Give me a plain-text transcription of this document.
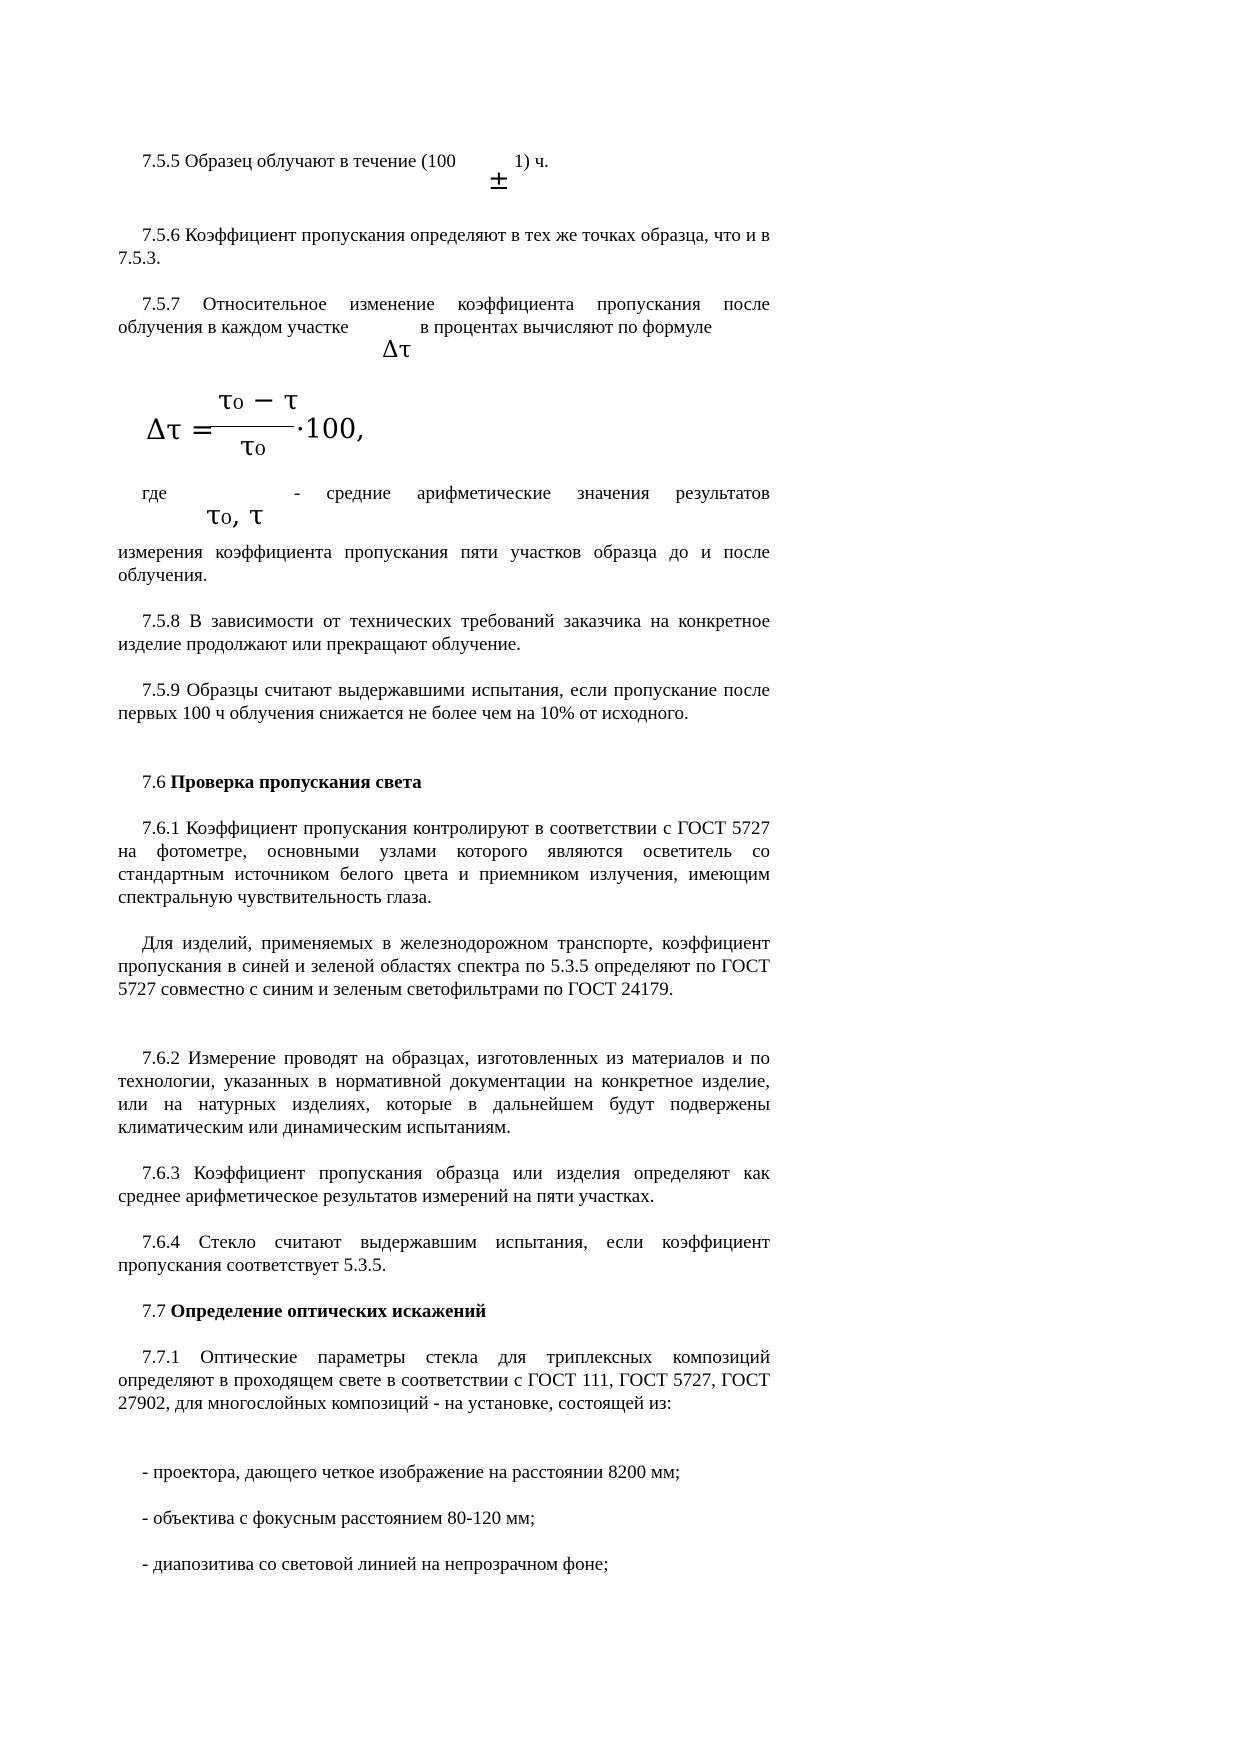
7.5.5 Образец облучают в течение (100	1) ч.
±

7.5.6 Коэффициент пропускания определяют в тех же точках образца, что и в 7.5.3.

7.5.7 Относительное изменение коэффициента пропускания после
облучения в каждом участке	в процентах вычисляют по формуле
Δτ
Δτ =
τ₀ − τ
τ₀
·100,
где	- средние арифметические значения результатов
τ₀, τ

измерения коэффициента пропускания пяти участков образца до и после облучения.

7.5.8 В зависимости от технических требований заказчика на конкретное изделие продолжают или прекращают облучение.

7.5.9 Образцы считают выдержавшими испытания, если пропускание после первых 100 ч облучения снижается не более чем на 10% от исходного.

7.6 Проверка пропускания света

7.6.1 Коэффициент пропускания контролируют в соответствии с ГОСТ 5727 на фотометре, основными узлами которого являются осветитель со стандартным источником белого цвета и приемником излучения, имеющим спектральную чувствительность глаза.

Для изделий, применяемых в железнодорожном транспорте, коэффициент пропускания в синей и зеленой областях спектра по 5.3.5 определяют по ГОСТ 5727 совместно с синим и зеленым светофильтрами по ГОСТ 24179.

7.6.2 Измерение проводят на образцах, изготовленных из материалов и по технологии, указанных в нормативной документации на конкретное изделие, или на натурных изделиях, которые в дальнейшем будут подвержены климатическим или динамическим испытаниям.

7.6.3 Коэффициент пропускания образца или изделия определяют как среднее арифметическое результатов измерений на пяти участках.

7.6.4 Стекло считают выдержавшим испытания, если коэффициент пропускания соответствует 5.3.5.

7.7 Определение оптических искажений

7.7.1 Оптические параметры стекла для триплексных композиций определяют в проходящем свете в соответствии с ГОСТ 111, ГОСТ 5727, ГОСТ 27902, для многослойных композиций - на установке, состоящей из:

- проектора, дающего четкое изображение на расстоянии 8200 мм;
- объектива с фокусным расстоянием 80-120 мм;
- диапозитива со световой линией на непрозрачном фоне;
